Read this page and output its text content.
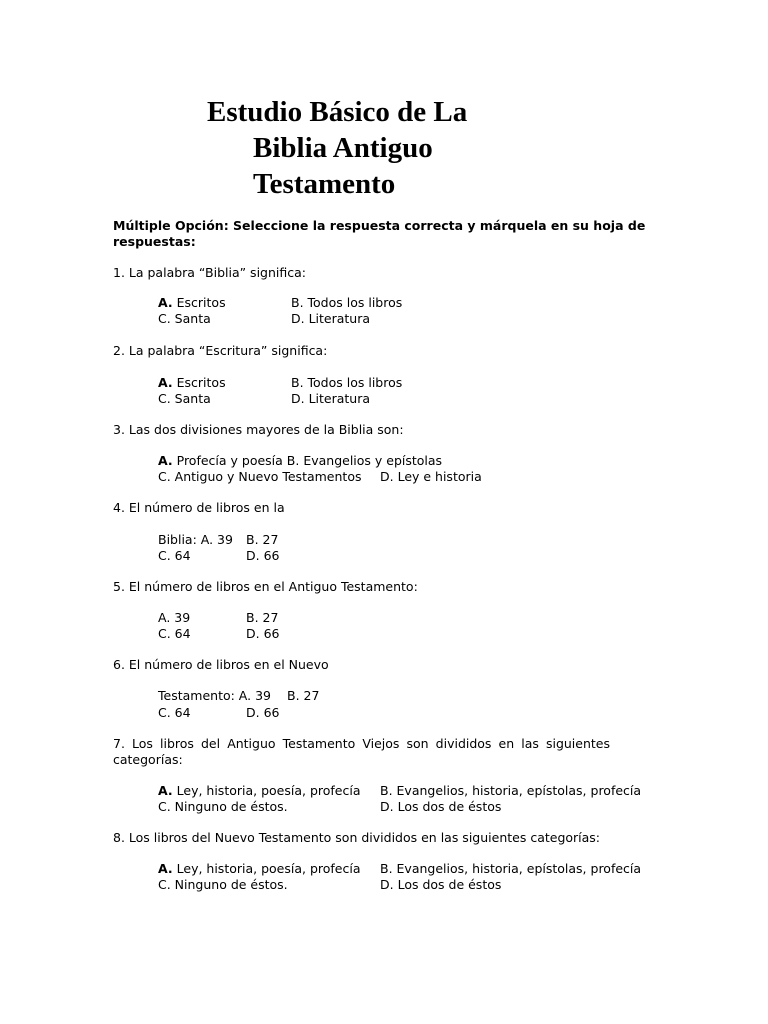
Estudio Básico de La
Biblia Antiguo
Testamento
Múltiple Opción: Seleccione la respuesta correcta y márquela en su hoja de respuestas:
1. La palabra “Biblia” significa:
A. Escritos	B. Todos los libros
C. Santa	D. Literatura
2. La palabra “Escritura” significa:
A. Escritos	B. Todos los libros
C. Santa	D. Literatura
3. Las dos divisiones mayores de la Biblia son:
A. Profecía y poesía B. Evangelios y epístolas
C. Antiguo y Nuevo Testamentos D. Ley e historia
4. El número de libros en la
Biblia: A. 39 B. 27
C. 64	D. 66
5. El número de libros en el Antiguo Testamento:
A. 39	B. 27
C. 64	D. 66
6. El número de libros en el Nuevo
Testamento: A. 39 B. 27
C. 64	D. 66
7. Los libros del Antiguo Testamento Viejos son divididos en las siguientes categorías:
A. Ley, historia, poesía, profecía B. Evangelios, historia, epístolas, profecía
C. Ninguno de éstos.	D. Los dos de éstos
8. Los libros del Nuevo Testamento son divididos en las siguientes categorías:
A. Ley, historia, poesía, profecía B. Evangelios, historia, epístolas, profecía
C. Ninguno de éstos.	D. Los dos de éstos
